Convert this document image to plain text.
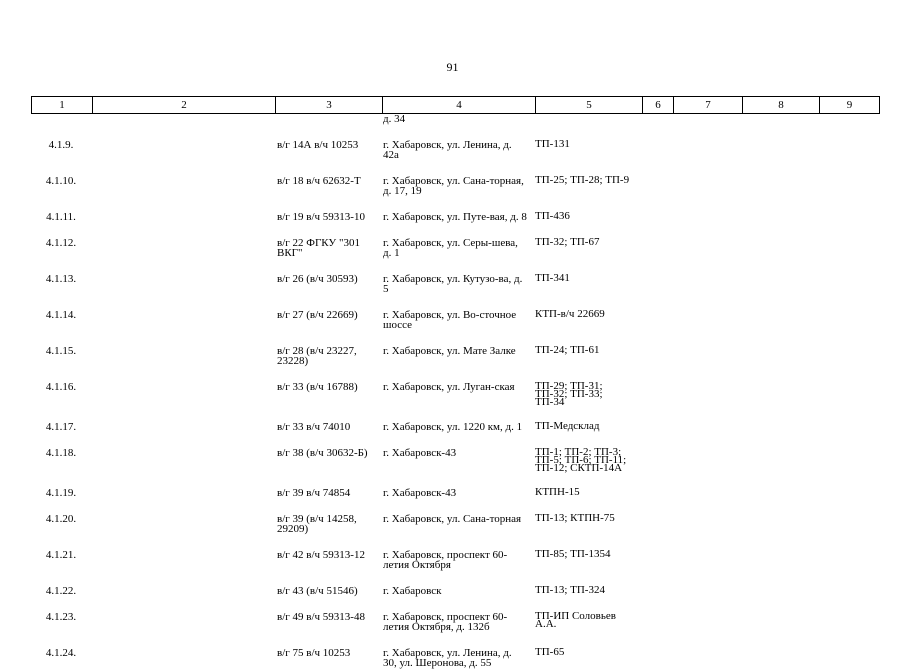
91
1	2	3	4	5	6	7	8	9
			д. 34					
4.1.9.		в/г 14А в/ч 10253	г. Хабаровск, ул. Ленина, д. 42а	ТП-131				
4.1.10.		в/г 18 в/ч 62632-Т	г. Хабаровск, ул. Сана-торная, д. 17, 19	ТП-25; ТП-28; ТП-9				
4.1.11.		в/г 19 в/ч 59313-10	г. Хабаровск, ул. Путе-вая, д. 8	ТП-436				
4.1.12.		в/г 22 ФГКУ "301 ВКГ"	г. Хабаровск, ул. Серы-шева, д. 1	ТП-32; ТП-67				
4.1.13.		в/г 26 (в/ч 30593)	г. Хабаровск, ул. Кутузо-ва, д. 5	ТП-341				
4.1.14.		в/г 27 (в/ч 22669)	г. Хабаровск, ул. Во-сточное шоссе	КТП-в/ч 22669				
4.1.15.		в/г 28 (в/ч 23227, 23228)	г. Хабаровск, ул. Мате Залке	ТП-24; ТП-61				
4.1.16.		в/г 33 (в/ч 16788)	г. Хабаровск, ул. Луган-ская	ТП-29; ТП-31; ТП-32; ТП-33; ТП-34				
4.1.17.		в/г 33 в/ч 74010	г. Хабаровск, ул. 1220 км, д. 1	ТП-Медсклад				
4.1.18.		в/г 38 (в/ч 30632-Б)	г. Хабаровск-43	ТП-1; ТП-2; ТП-3; ТП-5; ТП-6; ТП-11; ТП-12; СКТП-14А				
4.1.19.		в/г 39 в/ч 74854	г. Хабаровск-43	КТПН-15				
4.1.20.		в/г 39 (в/ч 14258, 29209)	г. Хабаровск, ул. Сана-торная	ТП-13; КТПН-75				
4.1.21.		в/г 42 в/ч 59313-12	г. Хабаровск, проспект 60-летия Октября	ТП-85; ТП-1354				
4.1.22.		в/г 43 (в/ч 51546)	г. Хабаровск	ТП-13; ТП-324				
4.1.23.		в/г 49 в/ч 59313-48	г. Хабаровск, проспект 60-летия Октября, д. 132б	ТП-ИП Соловьев А.А.				
4.1.24.		в/г 75 в/ч 10253	г. Хабаровск, ул. Ленина, д. 30, ул. Шеронова, д. 55	ТП-65				
